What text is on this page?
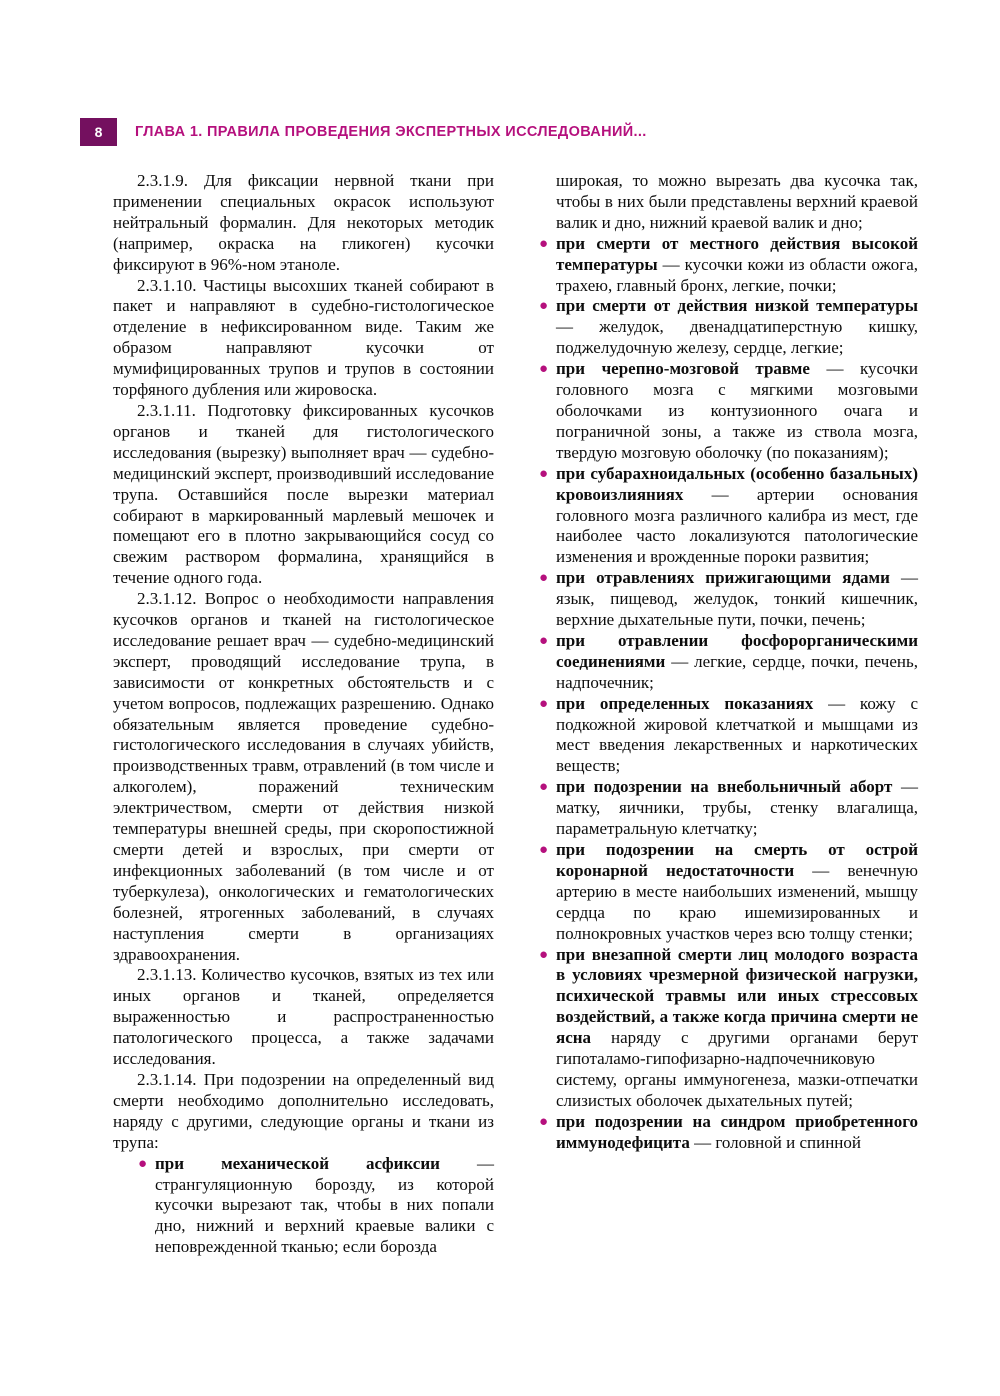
8	ГЛАВА 1. ПРАВИЛА ПРОВЕДЕНИЯ ЭКСПЕРТНЫХ ИССЛЕДОВАНИЙ...

2.3.1.9. Для фиксации нервной ткани при применении специальных окрасок используют нейтральный формалин. Для некоторых методик (например, окраска на гликоген) кусочки фиксируют в 96%-ном этаноле.

2.3.1.10. Частицы высохших тканей собирают в пакет и направляют в судебно-гистологическое отделение в нефиксированном виде. Таким же образом направляют кусочки от мумифицированных трупов и трупов в состоянии торфяного дубления или жировоска.

2.3.1.11. Подготовку фиксированных кусочков органов и тканей для гистологического исследования (вырезку) выполняет врач — судебно-медицинский эксперт, производивший исследование трупа. Оставшийся после вырезки материал собирают в маркированный марлевый мешочек и помещают его в плотно закрывающийся сосуд со свежим раствором формалина, хранящийся в течение одного года.

2.3.1.12. Вопрос о необходимости направления кусочков органов и тканей на гистологическое исследование решает врач — судебно-медицинский эксперт, проводящий исследование трупа, в зависимости от конкретных обстоятельств и с учетом вопросов, подлежащих разрешению. Однако обязательным является проведение судебно-гистологического исследования в случаях убийств, производственных травм, отравлений (в том числе и алкоголем), поражений техническим электричеством, смерти от действия низкой температуры внешней среды, при скоропостижной смерти детей и взрослых, при смерти от инфекционных заболеваний (в том числе и от туберкулеза), онкологических и гематологических болезней, ятрогенных заболеваний, в случаях наступления смерти в организациях здравоохранения.

2.3.1.13. Количество кусочков, взятых из тех или иных органов и тканей, определяется выраженностью и распространенностью патологического процесса, а также задачами исследования.

2.3.1.14. При подозрении на определенный вид смерти необходимо дополнительно исследовать, наряду с другими, следующие органы и ткани из трупа:

● при механической асфиксии — странгуляционную борозду, из которой кусочки вырезают так, чтобы в них попали дно, нижний и верхний краевые валики с неповрежденной тканью; если борозда
широкая, то можно вырезать два кусочка так, чтобы в них были представлены верхний краевой валик и дно, нижний краевой валик и дно;
● при смерти от местного действия высокой температуры — кусочки кожи из области ожога, трахею, главный бронх, легкие, почки;
● при смерти от действия низкой температуры — желудок, двенадцатиперстную кишку, поджелудочную железу, сердце, легкие;
● при черепно-мозговой травме — кусочки головного мозга с мягкими мозговыми оболочками из контузионного очага и пограничной зоны, а также из ствола мозга, твердую мозговую оболочку (по показаниям);
● при субарахноидальных (особенно базальных) кровоизлияниях — артерии основания головного мозга различного калибра из мест, где наиболее часто локализуются патологические изменения и врожденные пороки развития;
● при отравлениях прижигающими ядами — язык, пищевод, желудок, тонкий кишечник, верхние дыхательные пути, почки, печень;
● при отравлении фосфорорганическими соединениями — легкие, сердце, почки, печень, надпочечник;
● при определенных показаниях — кожу с подкожной жировой клетчаткой и мышцами из мест введения лекарственных и наркотических веществ;
● при подозрении на внебольничный аборт — матку, яичники, трубы, стенку влагалища, параметральную клетчатку;
● при подозрении на смерть от острой коронарной недостаточности — венечную артерию в месте наибольших изменений, мышцу сердца по краю ишемизированных и полнокровных участков через всю толщу стенки;
● при внезапной смерти лиц молодого возраста в условиях чрезмерной физической нагрузки, психической травмы или иных стрессовых воздействий, а также когда причина смерти не ясна наряду с другими органами берут гипоталамо-гипофизарно-надпочечниковую систему, органы иммуногенеза, мазки-отпечатки слизистых оболочек дыхательных путей;
● при подозрении на синдром приобретенного иммунодефицита — головной и спинной
